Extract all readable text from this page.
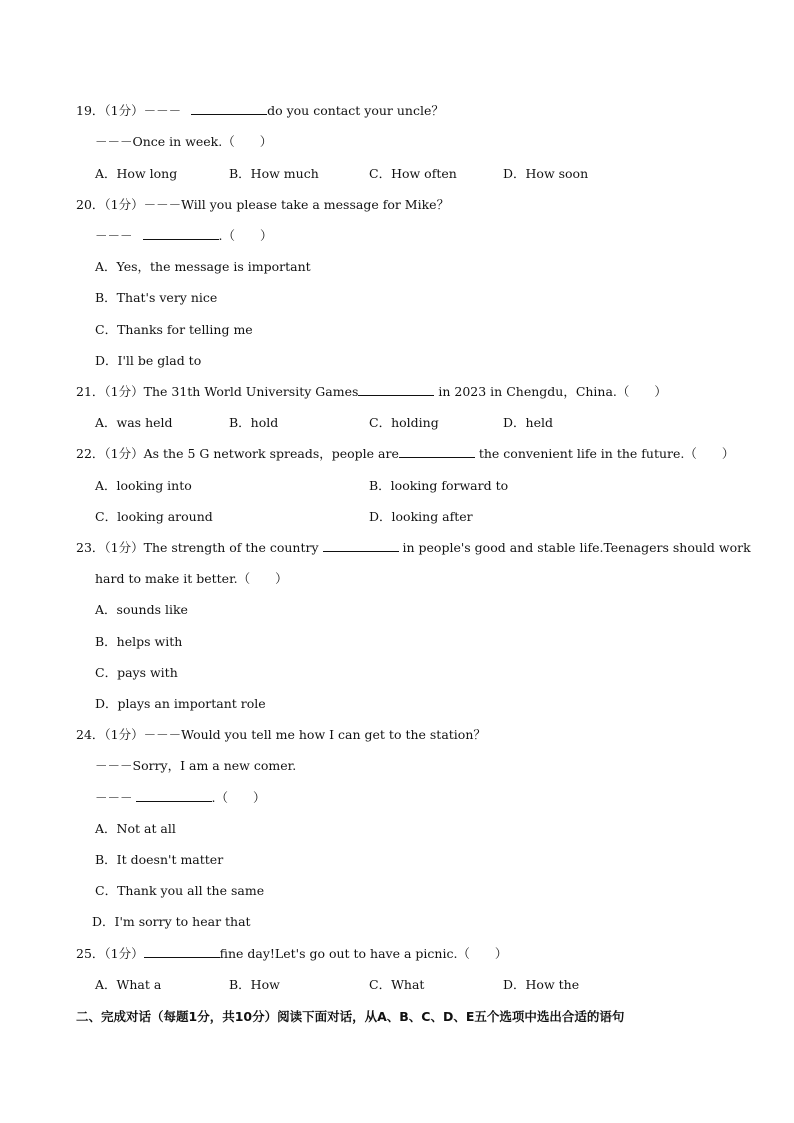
19．（1分）－－－	do you contact your uncle？
－－－Once in week.（　　）
A．How long	B．How much	C．How often	D．How soon
20．（1分）－－－Will you please take a message for Mike？
－－－	.（　　）
A．Yes，the message is important
B．That's very nice
C．Thanks for telling me
D．I'll be glad to
21．（1分）The 31th World University Games	in 2023 in Chengdu，China.（　　）
A．was held	B．hold	C．holding	D．held
22．（1分）As the 5 G network spreads，people are	the convenient life in the future.（　　）
A．looking into	B．looking forward to
C．looking around	D．looking after
23．（1分）The strength of the country	in people's good and stable life.Teenagers should work
hard to make it better.（　　）
A．sounds like
B．helps with
C．pays with
D．plays an important role
24．（1分）－－－Would you tell me how I can get to the station？
－－－Sorry，I am a new comer.
－－－	.（　　）
A．Not at all
B．It doesn't matter
C．Thank you all the same
D．I'm sorry to hear that
25．（1分）	fine day!Let's go out to have a picnic.（　　）
A．What a	B．How	C．What	D．How the
二、完成对话（每题1分，共10分）阅读下面对话，从A、B、C、D、E五个选项中选出合适的语句
